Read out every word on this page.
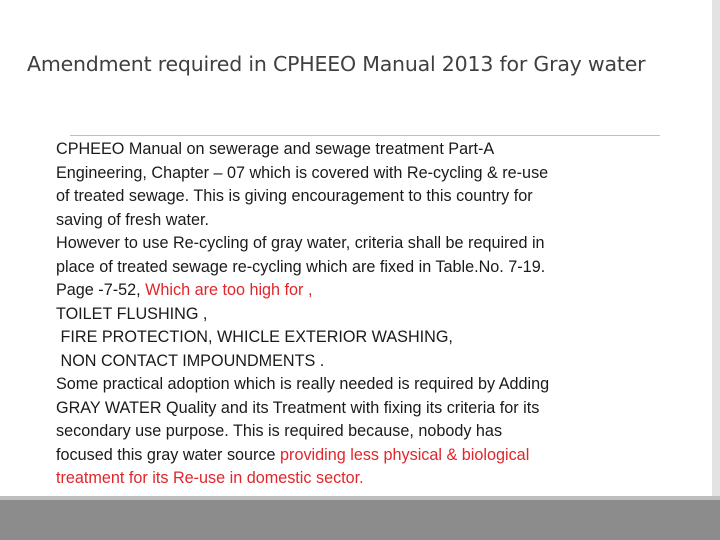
Amendment required in CPHEEO Manual 2013 for Gray water
CPHEEO Manual on sewerage and sewage treatment Part-A
Engineering, Chapter – 07 which is covered with Re-cycling & re-use
of treated sewage. This is giving encouragement to this country for
saving of fresh water.
However to use Re-cycling of gray water, criteria shall be required in
place of treated sewage re-cycling which are fixed in Table.No. 7-19.
Page -7-52, Which are too high for ,
TOILET FLUSHING ,
FIRE PROTECTION, WHICLE EXTERIOR WASHING,
NON CONTACT IMPOUNDMENTS .
Some practical adoption which is really needed is required by Adding
GRAY WATER Quality and its Treatment with fixing its criteria for its
secondary use purpose. This is required because, nobody has
focused this gray water source providing less physical & biological
treatment for its Re-use in domestic sector.
